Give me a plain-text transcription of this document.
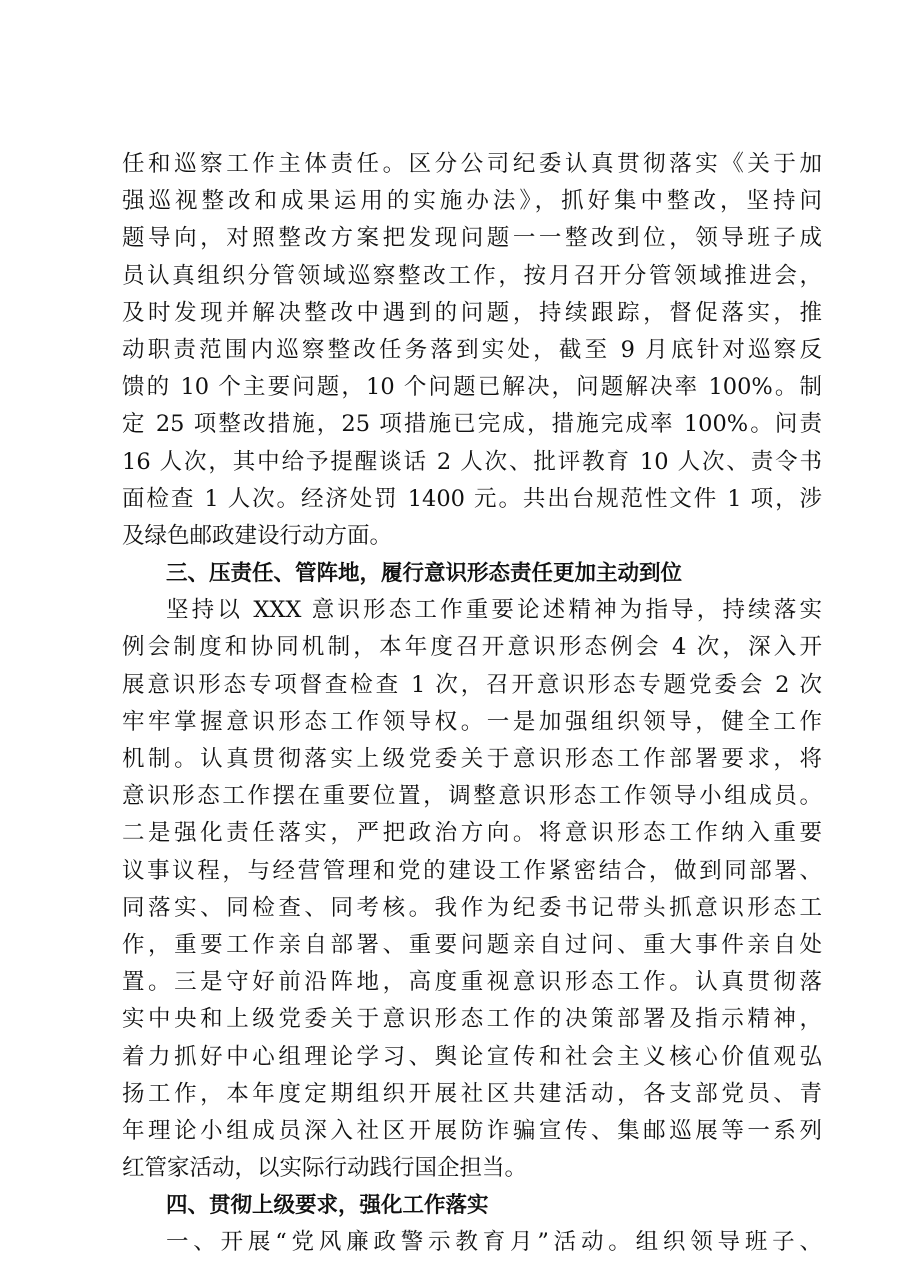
任和巡察工作主体责任。区分公司纪委认真贯彻落实《关于加
强巡视整改和成果运用的实施办法》，抓好集中整改，坚持问
题导向，对照整改方案把发现问题一一整改到位，领导班子成
员认真组织分管领域巡察整改工作，按月召开分管领域推进会，
及时发现并解决整改中遇到的问题，持续跟踪，督促落实，推
动职责范围内巡察整改任务落到实处，截至 9 月底针对巡察反
馈的 10 个主要问题，10 个问题已解决，问题解决率 100%。制
定 25 项整改措施，25 项措施已完成，措施完成率 100%。问责
16 人次，其中给予提醒谈话 2 人次、批评教育 10 人次、责令书
面检查 1 人次。经济处罚 1400 元。共出台规范性文件 1 项，涉
及绿色邮政建设行动方面。
三、压责任、管阵地，履行意识形态责任更加主动到位
坚持以 XXX 意识形态工作重要论述精神为指导，持续落实
例会制度和协同机制，本年度召开意识形态例会 4 次，深入开
展意识形态专项督查检查 1 次，召开意识形态专题党委会 2 次
牢牢掌握意识形态工作领导权。一是加强组织领导，健全工作
机制。认真贯彻落实上级党委关于意识形态工作部署要求，将
意识形态工作摆在重要位置，调整意识形态工作领导小组成员。
二是强化责任落实，严把政治方向。将意识形态工作纳入重要
议事议程，与经营管理和党的建设工作紧密结合，做到同部署、
同落实、同检查、同考核。我作为纪委书记带头抓意识形态工
作，重要工作亲自部署、重要问题亲自过问、重大事件亲自处
置。三是守好前沿阵地，高度重视意识形态工作。认真贯彻落
实中央和上级党委关于意识形态工作的决策部署及指示精神，
着力抓好中心组理论学习、舆论宣传和社会主义核心价值观弘
扬工作，本年度定期组织开展社区共建活动，各支部党员、青
年理论小组成员深入社区开展防诈骗宣传、集邮巡展等一系列
红管家活动，以实际行动践行国企担当。
四、贯彻上级要求，强化工作落实
一、开展“党风廉政警示教育月”活动。组织领导班子、
